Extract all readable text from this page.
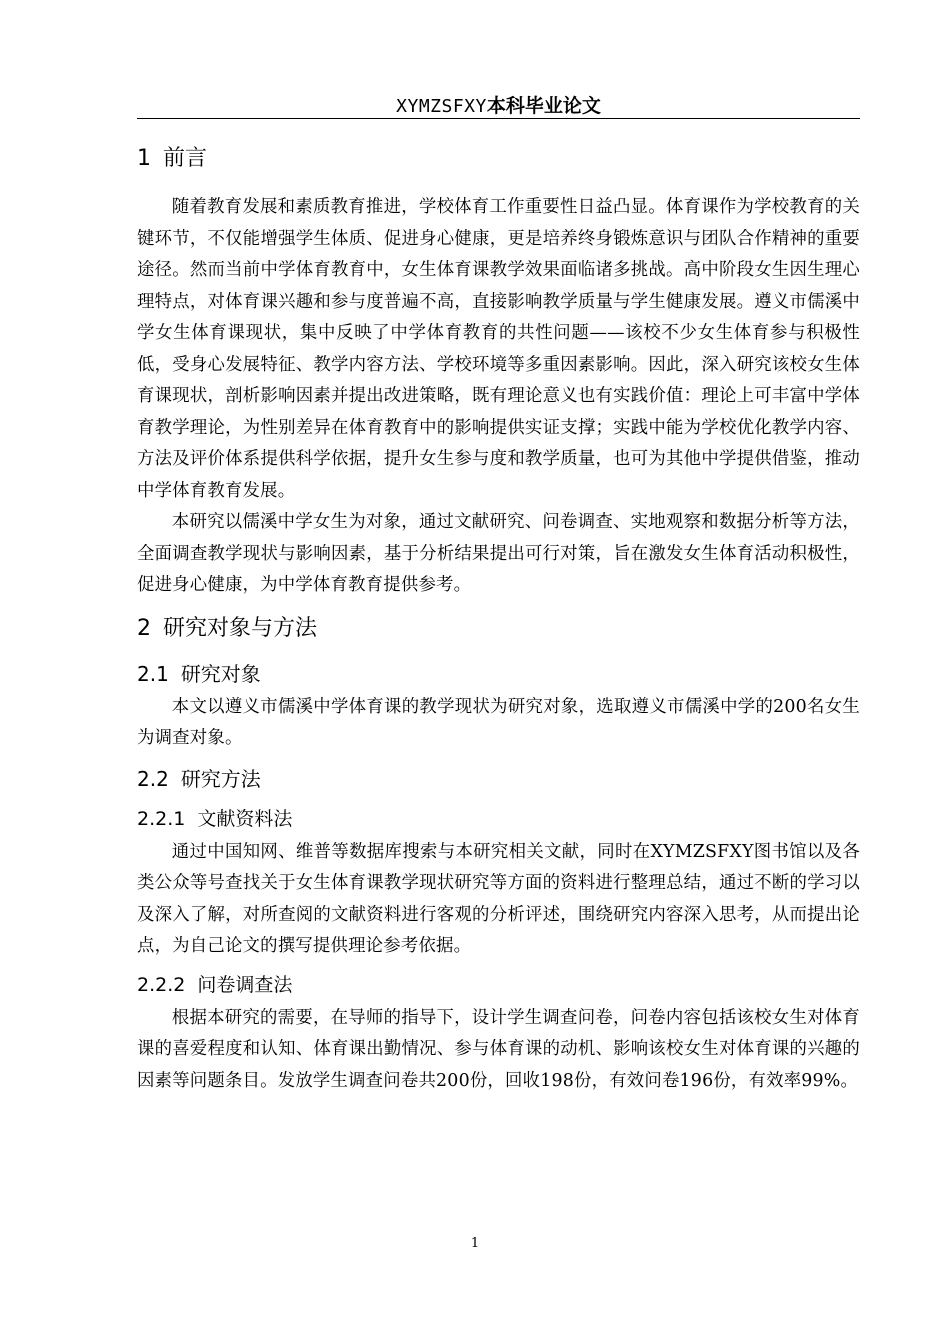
XYMZSFXY本科毕业论文
1 前言

随着教育发展和素质教育推进，学校体育工作重要性日益凸显。体育课作为学校教育的关键环节，不仅能增强学生体质、促进身心健康，更是培养终身锻炼意识与团队合作精神的重要途径。然而当前中学体育教育中，女生体育课教学效果面临诸多挑战。高中阶段女生因生理心理特点，对体育课兴趣和参与度普遍不高，直接影响教学质量与学生健康发展。遵义市儒溪中学女生体育课现状，集中反映了中学体育教育的共性问题——该校不少女生体育参与积极性低，受身心发展特征、教学内容方法、学校环境等多重因素影响。因此，深入研究该校女生体育课现状，剖析影响因素并提出改进策略，既有理论意义也有实践价值：理论上可丰富中学体育教学理论，为性别差异在体育教育中的影响提供实证支撑；实践中能为学校优化教学内容、方法及评价体系提供科学依据，提升女生参与度和教学质量，也可为其他中学提供借鉴，推动中学体育教育发展。

本研究以儒溪中学女生为对象，通过文献研究、问卷调查、实地观察和数据分析等方法，全面调查教学现状与影响因素，基于分析结果提出可行对策，旨在激发女生体育活动积极性，促进身心健康，为中学体育教育提供参考。

2 研究对象与方法
2.1 研究对象

本文以遵义市儒溪中学体育课的教学现状为研究对象，选取遵义市儒溪中学的200名女生为调查对象。

2.2 研究方法
2.2.1 文献资料法

通过中国知网、维普等数据库搜索与本研究相关文献，同时在XYMZSFXY图书馆以及各类公众等号查找关于女生体育课教学现状研究等方面的资料进行整理总结，通过不断的学习以及深入了解，对所查阅的文献资料进行客观的分析评述，围绕研究内容深入思考，从而提出论点，为自己论文的撰写提供理论参考依据。

2.2.2 问卷调查法

根据本研究的需要，在导师的指导下，设计学生调查问卷，问卷内容包括该校女生对体育课的喜爱程度和认知、体育课出勤情况、参与体育课的动机、影响该校女生对体育课的兴趣的因素等问题条目。发放学生调查问卷共200份，回收198份，有效问卷196份，有效率99%。

1
